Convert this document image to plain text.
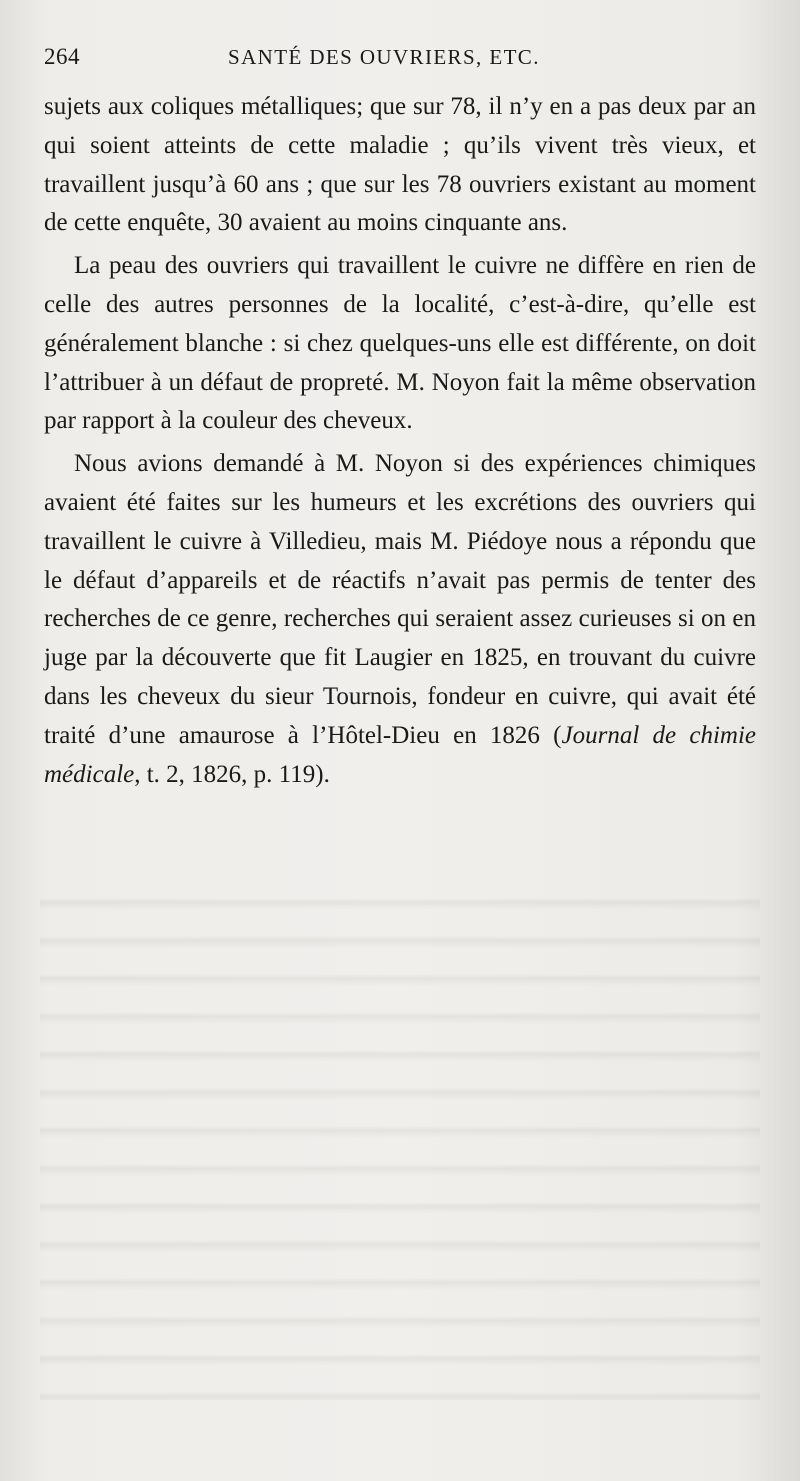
264	SANTÉ DES OUVRIERS, ETC.

sujets aux coliques métalliques; que sur 78, il n’y en a pas deux par an qui soient atteints de cette maladie ; qu’ils vivent très vieux, et travaillent jusqu’à 60 ans ; que sur les 78 ouvriers existant au moment de cette enquête, 30 avaient au moins cinquante ans.

La peau des ouvriers qui travaillent le cuivre ne diffère en rien de celle des autres personnes de la localité, c’est-à-dire, qu’elle est généralement blanche : si chez quelques-uns elle est différente, on doit l’attribuer à un défaut de propreté. M. Noyon fait la même observation par rapport à la couleur des cheveux.

Nous avions demandé à M. Noyon si des expériences chimiques avaient été faites sur les humeurs et les excrétions des ouvriers qui travaillent le cuivre à Villedieu, mais M. Piédoye nous a répondu que le défaut d’appareils et de réactifs n’avait pas permis de tenter des recherches de ce genre, recherches qui seraient assez curieuses si on en juge par la découverte que fit Laugier en 1825, en trouvant du cuivre dans les cheveux du sieur Tournois, fondeur en cuivre, qui avait été traité d’une amaurose à l’Hôtel-Dieu en 1826 (Journal de chimie médicale, t. 2, 1826, p. 119).
